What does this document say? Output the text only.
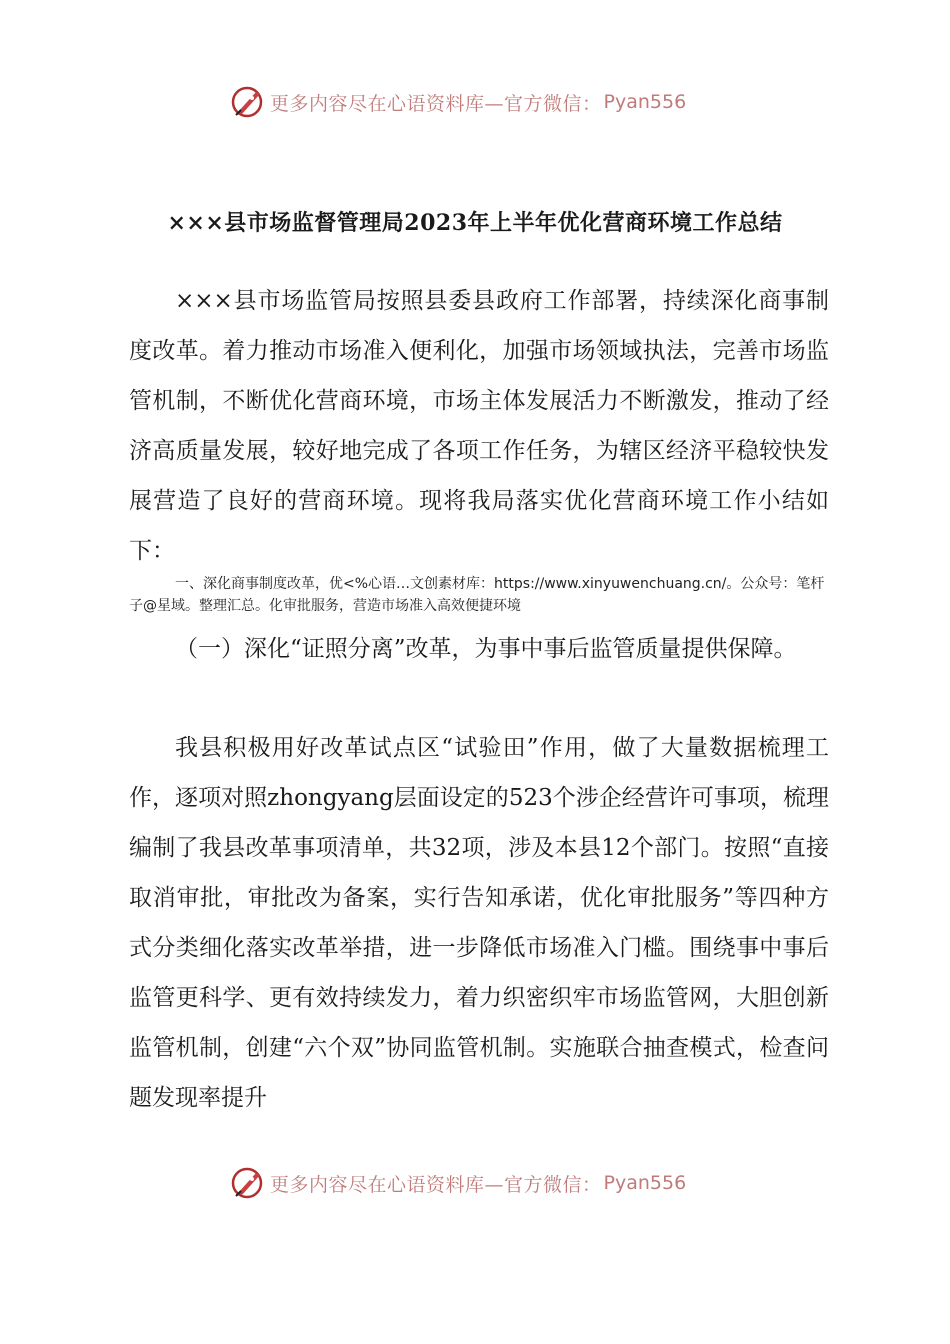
更多内容尽在心语资料库—官方微信： Pyan556
×××县市场监督管理局2023年上半年优化营商环境工作总结

×××县市场监管局按照县委县政府工作部署，持续深化商事制度改革。着力推动市场准入便利化，加强市场领域执法，完善市场监管机制，不断优化营商环境，市场主体发展活力不断激发，推动了经济高质量发展，较好地完成了各项工作任务，为辖区经济平稳较快发展营造了良好的营商环境。现将我局落实优化营商环境工作小结如下：

一、深化商事制度改革，优<%心语…文创素材库：https://www.xinyuwenchuang.cn/。公众号：笔杆子@星域。整理汇总。化审批服务，营造市场准入高效便捷环境

（一）深化“证照分离”改革，为事中事后监管质量提供保障。

我县积极用好改革试点区“试验田”作用，做了大量数据梳理工作，逐项对照zhongyang层面设定的523个涉企经营许可事项，梳理编制了我县改革事项清单，共32项，涉及本县12个部门。按照“直接取消审批，审批改为备案，实行告知承诺，优化审批服务”等四种方式分类细化落实改革举措，进一步降低市场准入门槛。围绕事中事后监管更科学、更有效持续发力，着力织密织牢市场监管网，大胆创新监管机制，创建“六个双”协同监管机制。实施联合抽查模式，检查问题发现率提升

更多内容尽在心语资料库—官方微信： Pyan556
